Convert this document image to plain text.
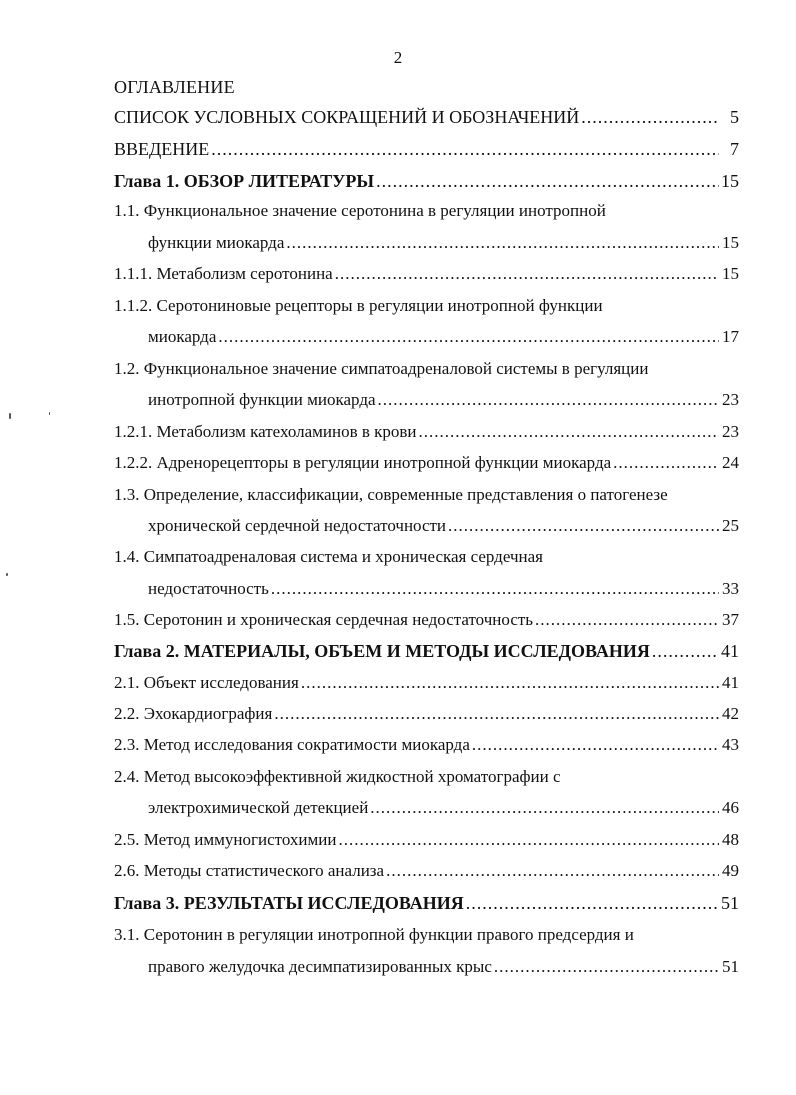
2
ОГЛАВЛЕНИЕ
СПИСОК УСЛОВНЫХ СОКРАЩЕНИЙ И ОБОЗНАЧЕНИЙ .....	5
ВВЕДЕНИЕ .....	7
Глава 1. ОБЗОР ЛИТЕРАТУРЫ .....	15
1.1. Функциональное значение серотонина в регуляции инотропной
функции миокарда .....	15
1.1.1. Метаболизм серотонина .....	15
1.1.2. Серотониновые рецепторы в регуляции инотропной функции
миокарда .....	17
1.2. Функциональное значение симпатоадреналовой системы в регуляции
инотропной функции миокарда .....	23
1.2.1. Метаболизм катехоламинов в крови .....	23
1.2.2. Адренорецепторы в регуляции инотропной функции миокарда .....	24
1.3. Определение, классификации, современные представления о патогенезе
хронической сердечной недостаточности .....	25
1.4. Симпатоадреналовая система и хроническая сердечная
недостаточность .....	33
1.5. Серотонин и хроническая сердечная недостаточность .....	37
Глава 2. МАТЕРИАЛЫ, ОБЪЕМ И МЕТОДЫ ИССЛЕДОВАНИЯ .....	41
2.1. Объект исследования .....	41
2.2. Эхокардиография .....	42
2.3. Метод исследования сократимости миокарда .....	43
2.4. Метод высокоэффективной жидкостной хроматографии с
электрохимической детекцией .....	46
2.5. Метод иммуногистохимии .....	48
2.6. Методы статистического анализа .....	49
Глава 3. РЕЗУЛЬТАТЫ ИССЛЕДОВАНИЯ .....	51
3.1. Серотонин в регуляции инотропной функции правого предсердия и
правого желудочка десимпатизированных крыс .....	51
